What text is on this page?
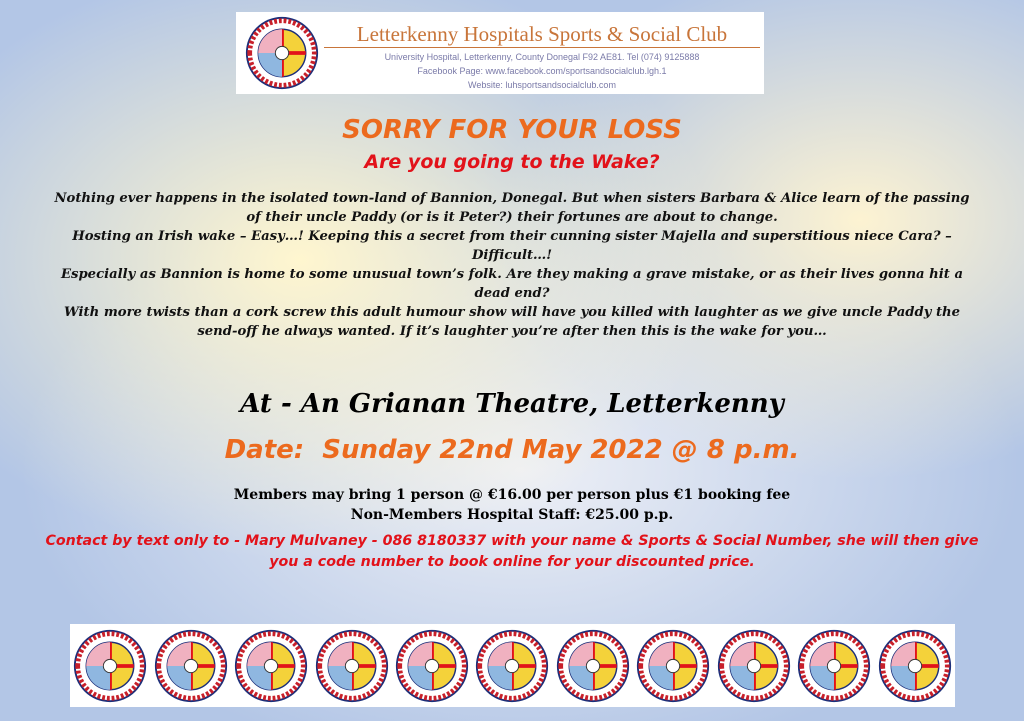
Letterkenny Hospitals Sports & Social Club
University Hospital, Letterkenny, County Donegal F92 AE81. Tel (074) 9125888
Facebook Page: www.facebook.com/sportsandsocialclub.lgh.1
Website: luhsportsandsocialclub.com
SORRY FOR YOUR LOSS
Are you going to the Wake?

Nothing ever happens in the isolated town-land of Bannion, Donegal. But when sisters Barbara & Alice learn of the passing of their uncle Paddy (or is it Peter?) their fortunes are about to change.

Hosting an Irish wake – Easy…! Keeping this a secret from their cunning sister Majella and superstitious niece Cara? – Difficult…!

Especially as Bannion is home to some unusual town’s folk. Are they making a grave mistake, or as their lives gonna hit a dead end?

With more twists than a cork screw this adult humour show will have you killed with laughter as we give uncle Paddy the send-off he always wanted. If it’s laughter you’re after then this is the wake for you…

At - An Grianan Theatre, Letterkenny
Date:  Sunday 22nd May 2022 @ 8 p.m.

Members may bring 1 person @ €16.00 per person plus €1 booking fee

Non-Members Hospital Staff: €25.00 p.p.

Contact by text only to - Mary Mulvaney - 086 8180337 with your name & Sports & Social Number, she will then give you a code number to book online for your discounted price.
